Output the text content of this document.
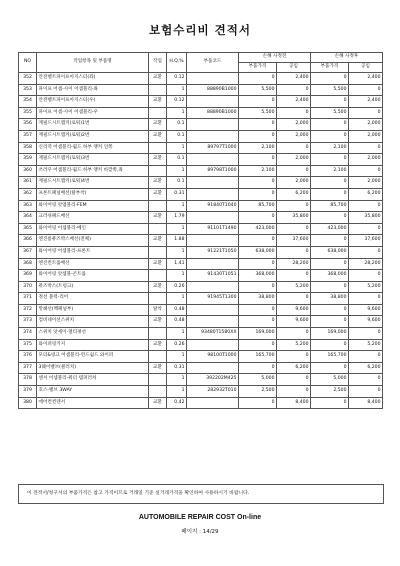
보험수리비 견적서
NO	작업항목 및 부품명	작업	H.Q.%	부품코드	손해 사정전		손해 사정후	
					부품가격	공임	부품가격	공임
352	안전벨트파이프아지스터(좌)	교환	0.12		0	2,400	0	2,400
353	파이프 어셈-사이 어셈블리-좌		1	88890B1000	5,500	0	5,500	0
354	안전벨트파이프아지스터(우)	교환	0.12		0	2,400	0	2,400
355	파이프 어셈-사이 어셈블리-우		1	88890B1000	5,500	0	5,500	0
356	재필드시트랩커(로워)1번	교환	0.1		0	2,000	0	2,000
357	재필드시트랩커(로워)2번	교환	0.1		0	2,000	0	2,000
358	신리역 어셈블리-윌드 하부 앵커 인쪽		1	89797T1000	2,100	0	2,100	0
359	재필드시트랩커(로워)3번	교환	0.1		0	2,000	0	2,000
360	쓰러쿠 어셈블리-윌드 하부 앵커 바깥쪽,좌		1	89798T1000	2,100	0	2,100	0
361	재필드시트랩커(로워)4번	교환	0.1		0	2,000	0	2,000
362	프론트패널배선(탈부착)	교환	0.31		0	6,200	0	6,200
363	와이어링 앗엠블리-FEM		1	91840T1040	85,700	0	85,700	0
364	크러쉬패드배선	교환	1.79		0	35,800	0	35,800
365	와이어링 어셈블리-메인		1	91101T1490	423,000	0	423,000	0
366	엔진룸퓨즈박스배선(전체)	교환	1.88		0	37,600	0	37,600
367	와이어링 어셈블리-프론트		1	91221T1050	638,000	0	638,000	0
368	엔진컨트롤배선	교환	1.41		0	28,200	0	28,200
369	와이어링 앗셈블-콘트롤		1	91430T1051	368,000	0	368,000	0
370	퓨즈박스(트렁크)	교환	0.26		0	5,200	0	5,200
371	정션 블럭-리어		1	91945T1300	38,800	0	38,800	0
372	핫헤선(백패널부)	탈착	0.48		0	9,600	0	9,600
373	컴비네이션스위치	교환	0.48		0	9,600	0	9,600
374	스위치 앗세이-멀티펑션		1	93480T1580XX	169,000	0	169,000	0
375	와이퍼링키지	교환	0.26		0	5,200	0	5,200
376	모터&링크 어셈블리-윈드쉴드 와이퍼		1	98100T1000	165,700	0	165,700	0
377	3웨이밸브(클러치)	교환	0.31		0	6,200	0	6,200
378	센서 어셈블리-워터 템퍼러쳐		1	392202M425	5,000	0	5,000	0
379	호스-밸브 3WAY		1	282932T010	2,500	0	2,500	0
380	에어컨컨덴서	교환	0.42		0	8,400	0	8,400
이 견적서/청구서의 부품가격은 참고 가격이므로 거래일 기준 실거래가격을 확인하여 사용하시기 바랍니다.
AUTOMOBILE REPAIR COST On-line
페이지 : 14/29
